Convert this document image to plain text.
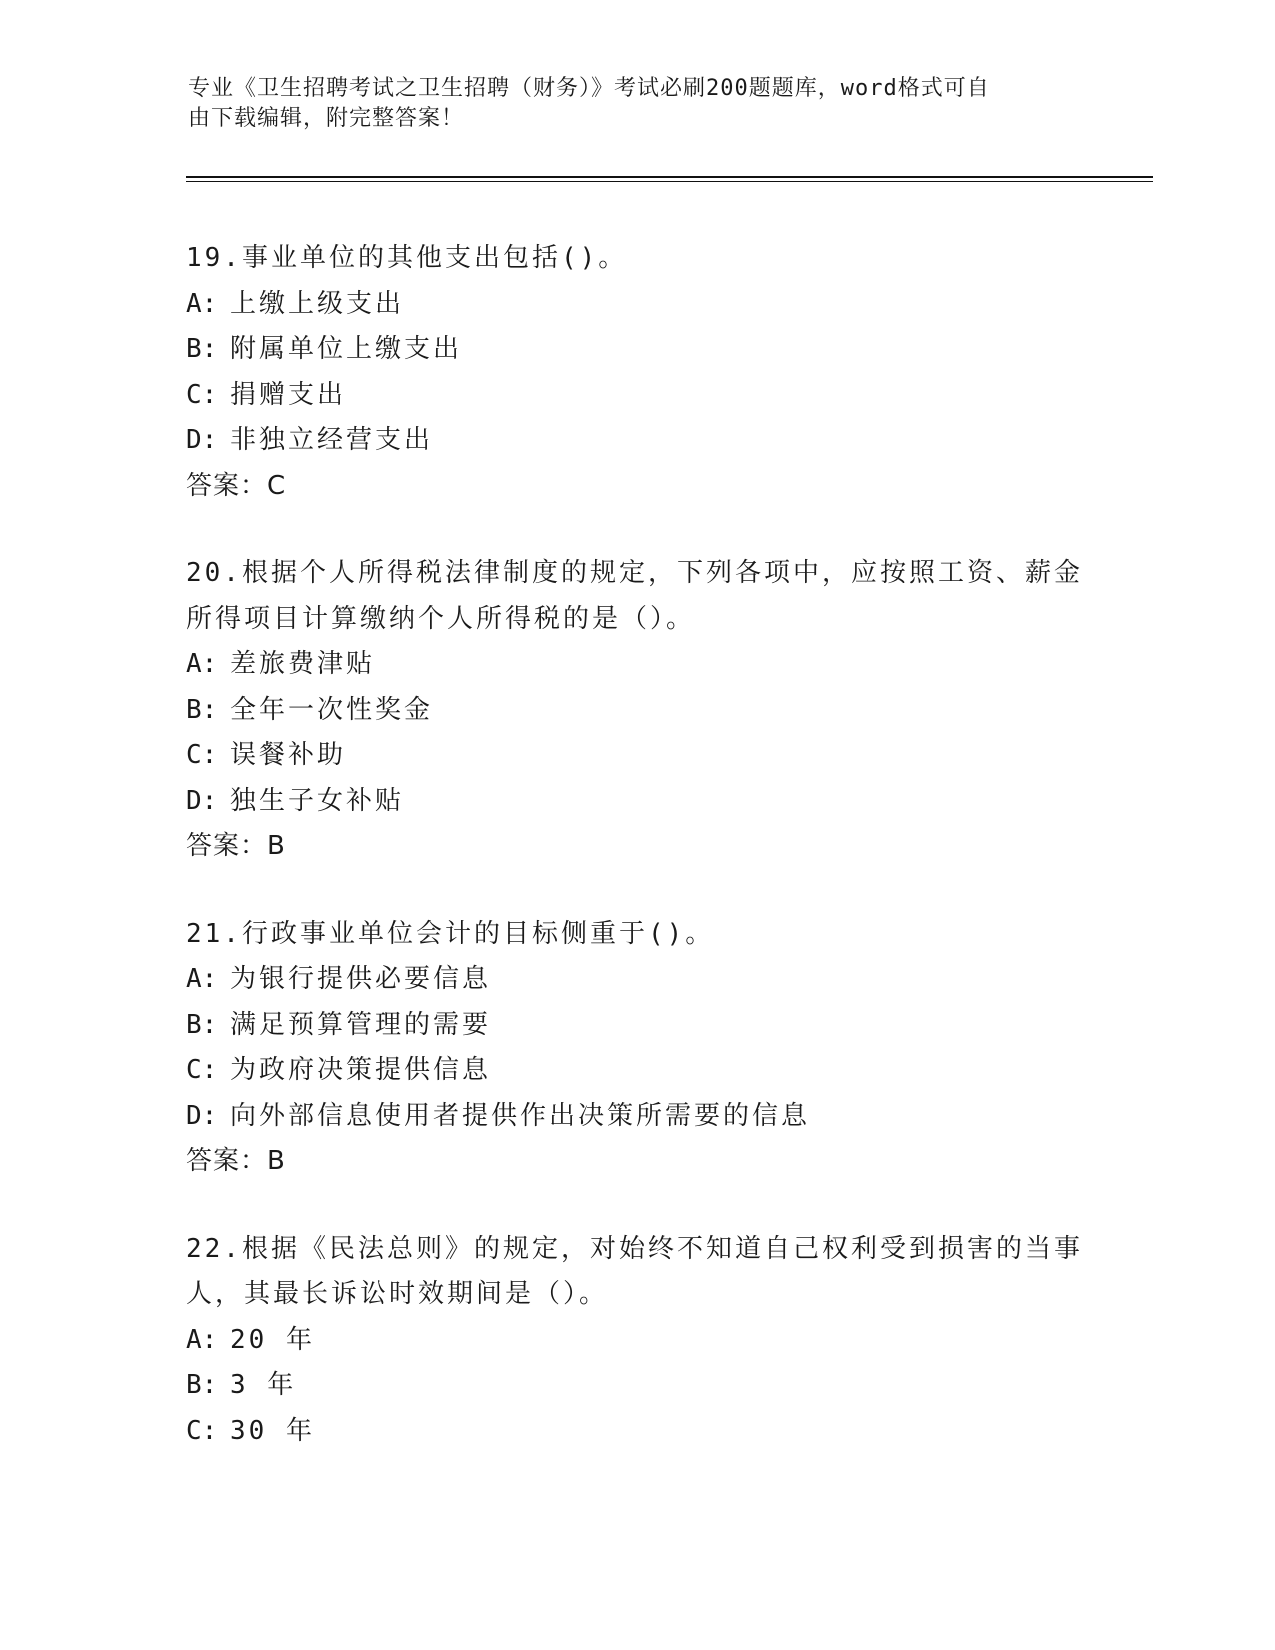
专业《卫生招聘考试之卫生招聘（财务）》考试必刷200题题库，word格式可自
由下载编辑，附完整答案！
19.事业单位的其他支出包括()。
A: 上缴上级支出
B: 附属单位上缴支出
C: 捐赠支出
D: 非独立经营支出
答案：C
20.根据个人所得税法律制度的规定，下列各项中，应按照工资、薪金
所得项目计算缴纳个人所得税的是（）。
A: 差旅费津贴
B: 全年一次性奖金
C: 误餐补助
D: 独生子女补贴
答案：B
21.行政事业单位会计的目标侧重于()。
A: 为银行提供必要信息
B: 满足预算管理的需要
C: 为政府决策提供信息
D: 向外部信息使用者提供作出决策所需要的信息
答案：B
22.根据《民法总则》的规定，对始终不知道自己权利受到损害的当事
人，其最长诉讼时效期间是（）。
A: 20 年
B: 3 年
C: 30 年
